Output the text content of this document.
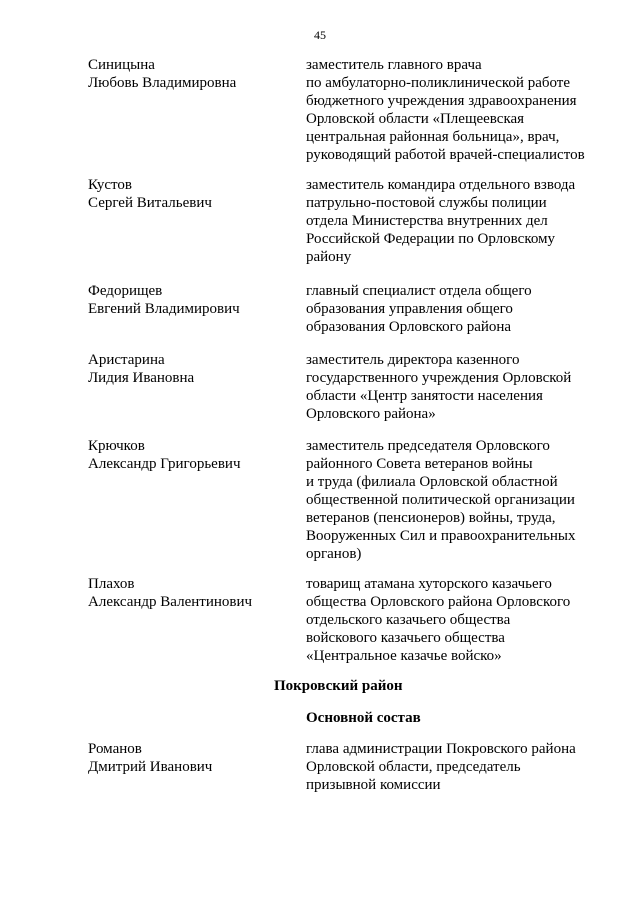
45
Синицына
Любовь Владимировна
заместитель главного врача
по амбулаторно-поликлинической работе
бюджетного учреждения здравоохранения
Орловской области «Плещеевская
центральная районная больница», врач,
руководящий работой врачей-специалистов
Кустов
Сергей Витальевич
заместитель командира отдельного взвода
патрульно-постовой службы полиции
отдела Министерства внутренних дел
Российской Федерации по Орловскому
району
Федорищев
Евгений Владимирович
главный специалист отдела общего
образования управления общего
образования Орловского района
Аристарина
Лидия Ивановна
заместитель директора казенного
государственного учреждения Орловской
области «Центр занятости населения
Орловского района»
Крючков
Александр Григорьевич
заместитель председателя Орловского
районного Совета ветеранов войны
и труда (филиала Орловской областной
общественной политической организации
ветеранов (пенсионеров) войны, труда,
Вооруженных Сил и правоохранительных
органов)
Плахов
Александр Валентинович
товарищ атамана хуторского казачьего
общества Орловского района Орловского
отдельского казачьего общества
войскового казачьего общества
«Центральное казачье войско»
Покровский район
Основной состав
Романов
Дмитрий Иванович
глава администрации Покровского района
Орловской области, председатель
призывной комиссии
